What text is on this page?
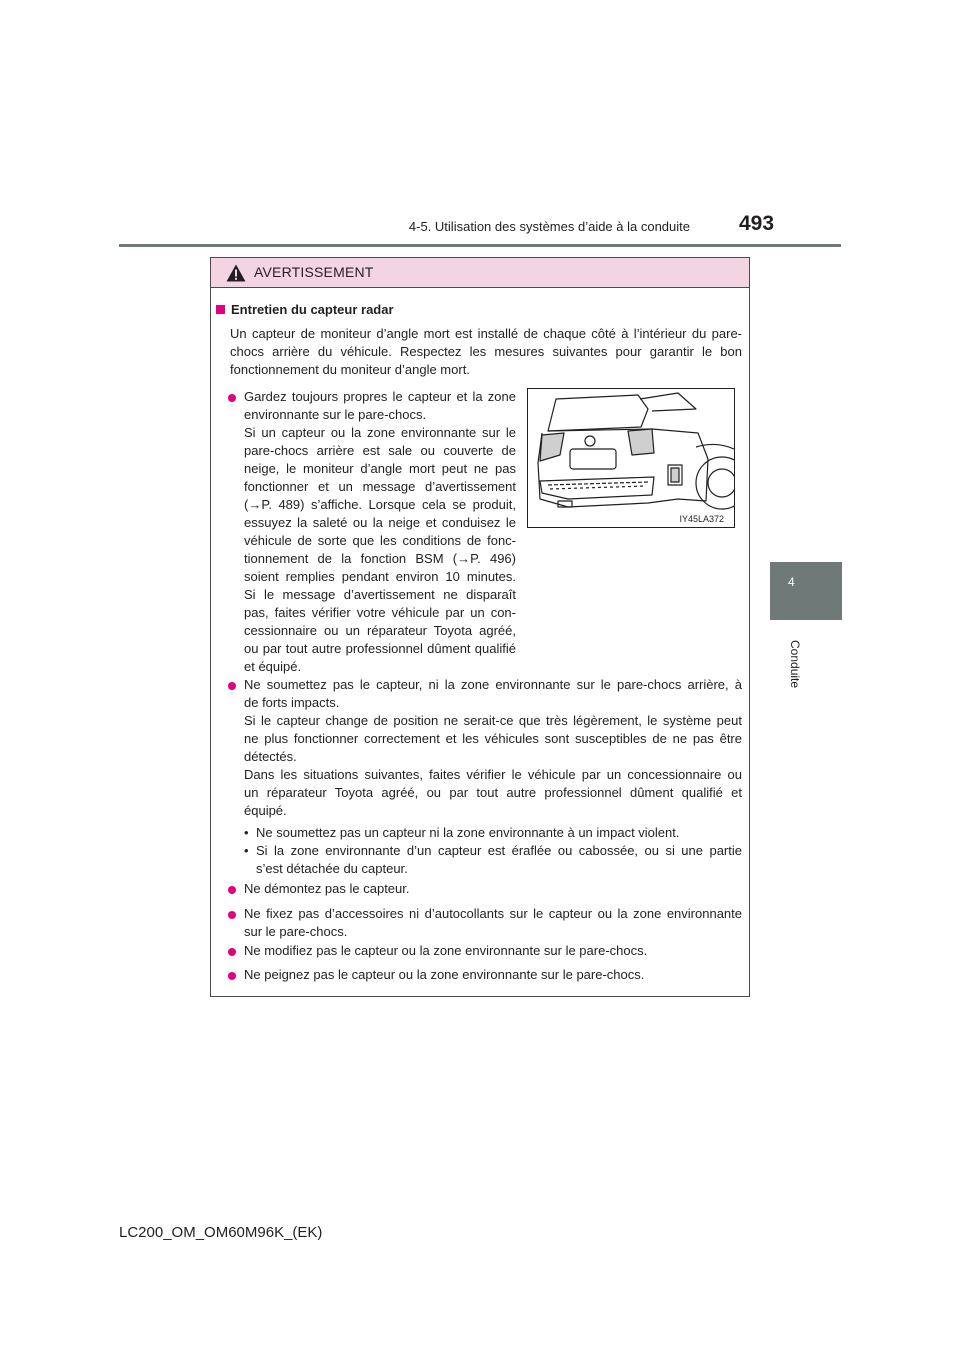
4-5. Utilisation des systèmes d’aide à la conduite 493
4
Conduite
AVERTISSEMENT
Entretien du capteur radar
Un capteur de moniteur d’angle mort est installé de chaque côté à l’intérieur du pare-
chocs arrière du véhicule. Respectez les mesures suivantes pour garantir le bon
fonctionnement du moniteur d’angle mort.
Gardez toujours propres le capteur et la zone
environnante sur le pare-chocs.
Si un capteur ou la zone environnante sur le
pare-chocs arrière est sale ou couverte de
neige, le moniteur d’angle mort peut ne pas
fonctionner et un message d’avertissement
(→P. 489) s’affiche. Lorsque cela se produit,
essuyez la saleté ou la neige et conduisez le
véhicule de sorte que les conditions de fonc-
tionnement de la fonction BSM (→P. 496)
soient remplies pendant environ 10 minutes.
Si le message d’avertissement ne disparaît
pas, faites vérifier votre véhicule par un con-
cessionnaire ou un réparateur Toyota agréé,
ou par tout autre professionnel dûment qualifié
et équipé.
IY45LA372
Ne soumettez pas le capteur, ni la zone environnante sur le pare-chocs arrière, à
de forts impacts.
Si le capteur change de position ne serait-ce que très légèrement, le système peut
ne plus fonctionner correctement et les véhicules sont susceptibles de ne pas être
détectés.
Dans les situations suivantes, faites vérifier le véhicule par un concessionnaire ou
un réparateur Toyota agréé, ou par tout autre professionnel dûment qualifié et
équipé.
• Ne soumettez pas un capteur ni la zone environnante à un impact violent.
• Si la zone environnante d’un capteur est éraflée ou cabossée, ou si une partie
s’est détachée du capteur.
Ne démontez pas le capteur.
Ne fixez pas d’accessoires ni d’autocollants sur le capteur ou la zone environnante
sur le pare-chocs.
Ne modifiez pas le capteur ou la zone environnante sur le pare-chocs.
Ne peignez pas le capteur ou la zone environnante sur le pare-chocs.
LC200_OM_OM60M96K_(EK)
